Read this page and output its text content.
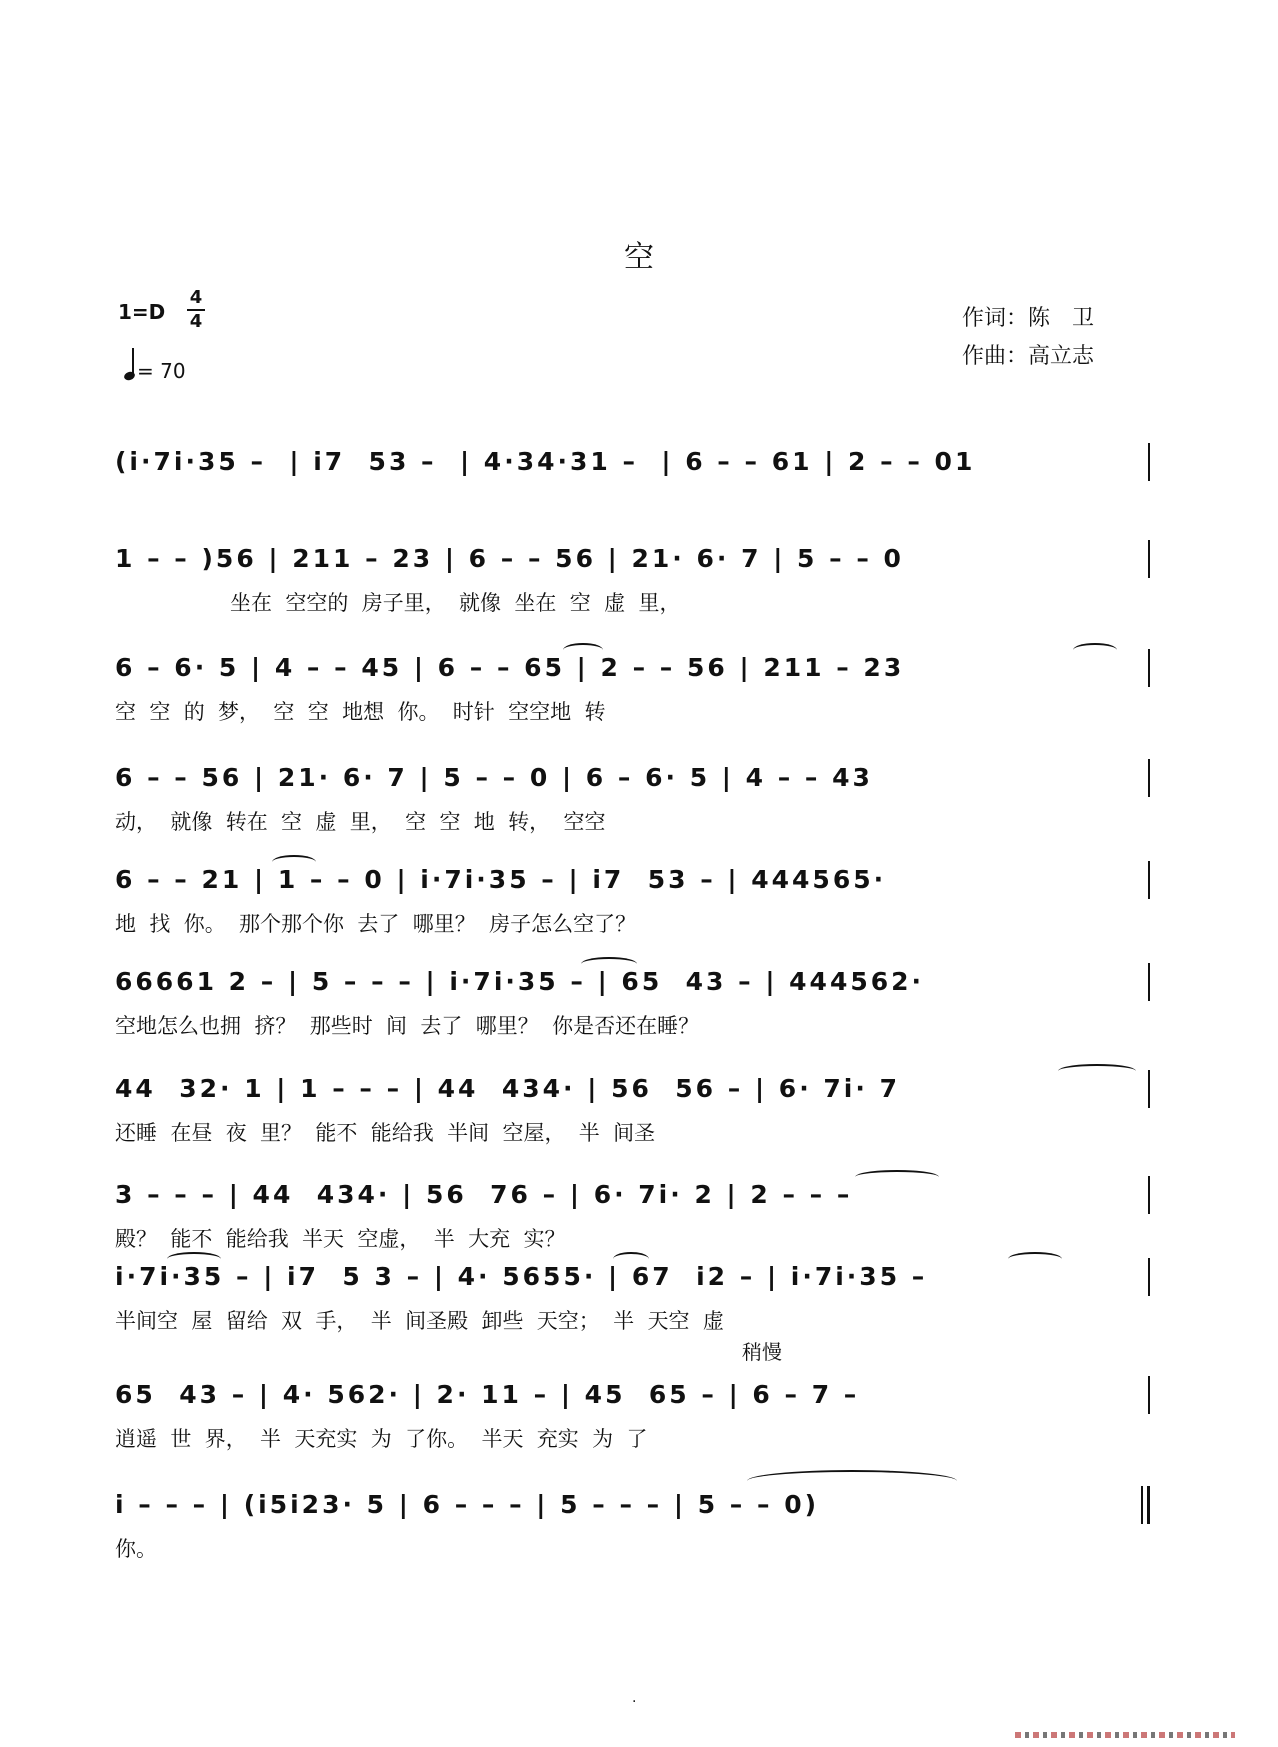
空
1=D
4
4
= 70
作词：陈　卫
作曲：高立志
(i·7i·35 –  | i7  53 –  | 4·34·31 –  | 6 – – 61 | 2 – – 01
1 – – )56 | 211 – 23 | 6 – – 56 | 21· 6· 7 | 5 – – 0
坐在  空空的  房子里，  就像  坐在  空  虚  里，
6 – 6· 5 | 4 – – 45 | 6 – – 65 | 2 – – 56 | 211 – 23
空  空  的  梦，  空  空  地想  你。  时针  空空地  转
6 – – 56 | 21· 6· 7 | 5 – – 0 | 6 – 6· 5 | 4 – – 43
动，  就像  转在  空  虚  里，  空  空  地  转，  空空
6 – – 21 | 1 – – 0 | i·7i·35 – | i7  53 – | 444565·
地  找  你。  那个那个你  去了  哪里？  房子怎么空了？
66661 2 – | 5 – – – | i·7i·35 – | 65  43 – | 444562·
空地怎么也拥  挤？  那些时  间  去了  哪里？  你是否还在睡？
44  32· 1 | 1 – – – | 44  434· | 56  56 – | 6· 7i· 7
还睡  在昼  夜  里？  能不  能给我  半间  空屋，  半  间圣
3 – – – | 44  434· | 56  76 – | 6· 7i· 2 | 2 – – –
殿？  能不  能给我  半天  空虚，  半  大充  实？
i·7i·35 – | i7  5 3 – | 4· 5655· | 67  i2 – | i·7i·35 –
半间空  屋  留给  双  手，  半  间圣殿  卸些  天空；  半  天空  虚
稍慢
65  43 – | 4· 562· | 2· 11 – | 45  65 – | 6 – 7 –
逍遥  世  界，  半  天充实  为  了你。  半天  充实  为  了
i – – – | (i5i23· 5 | 6 – – – | 5 – – – | 5 – – 0)
你。
·
